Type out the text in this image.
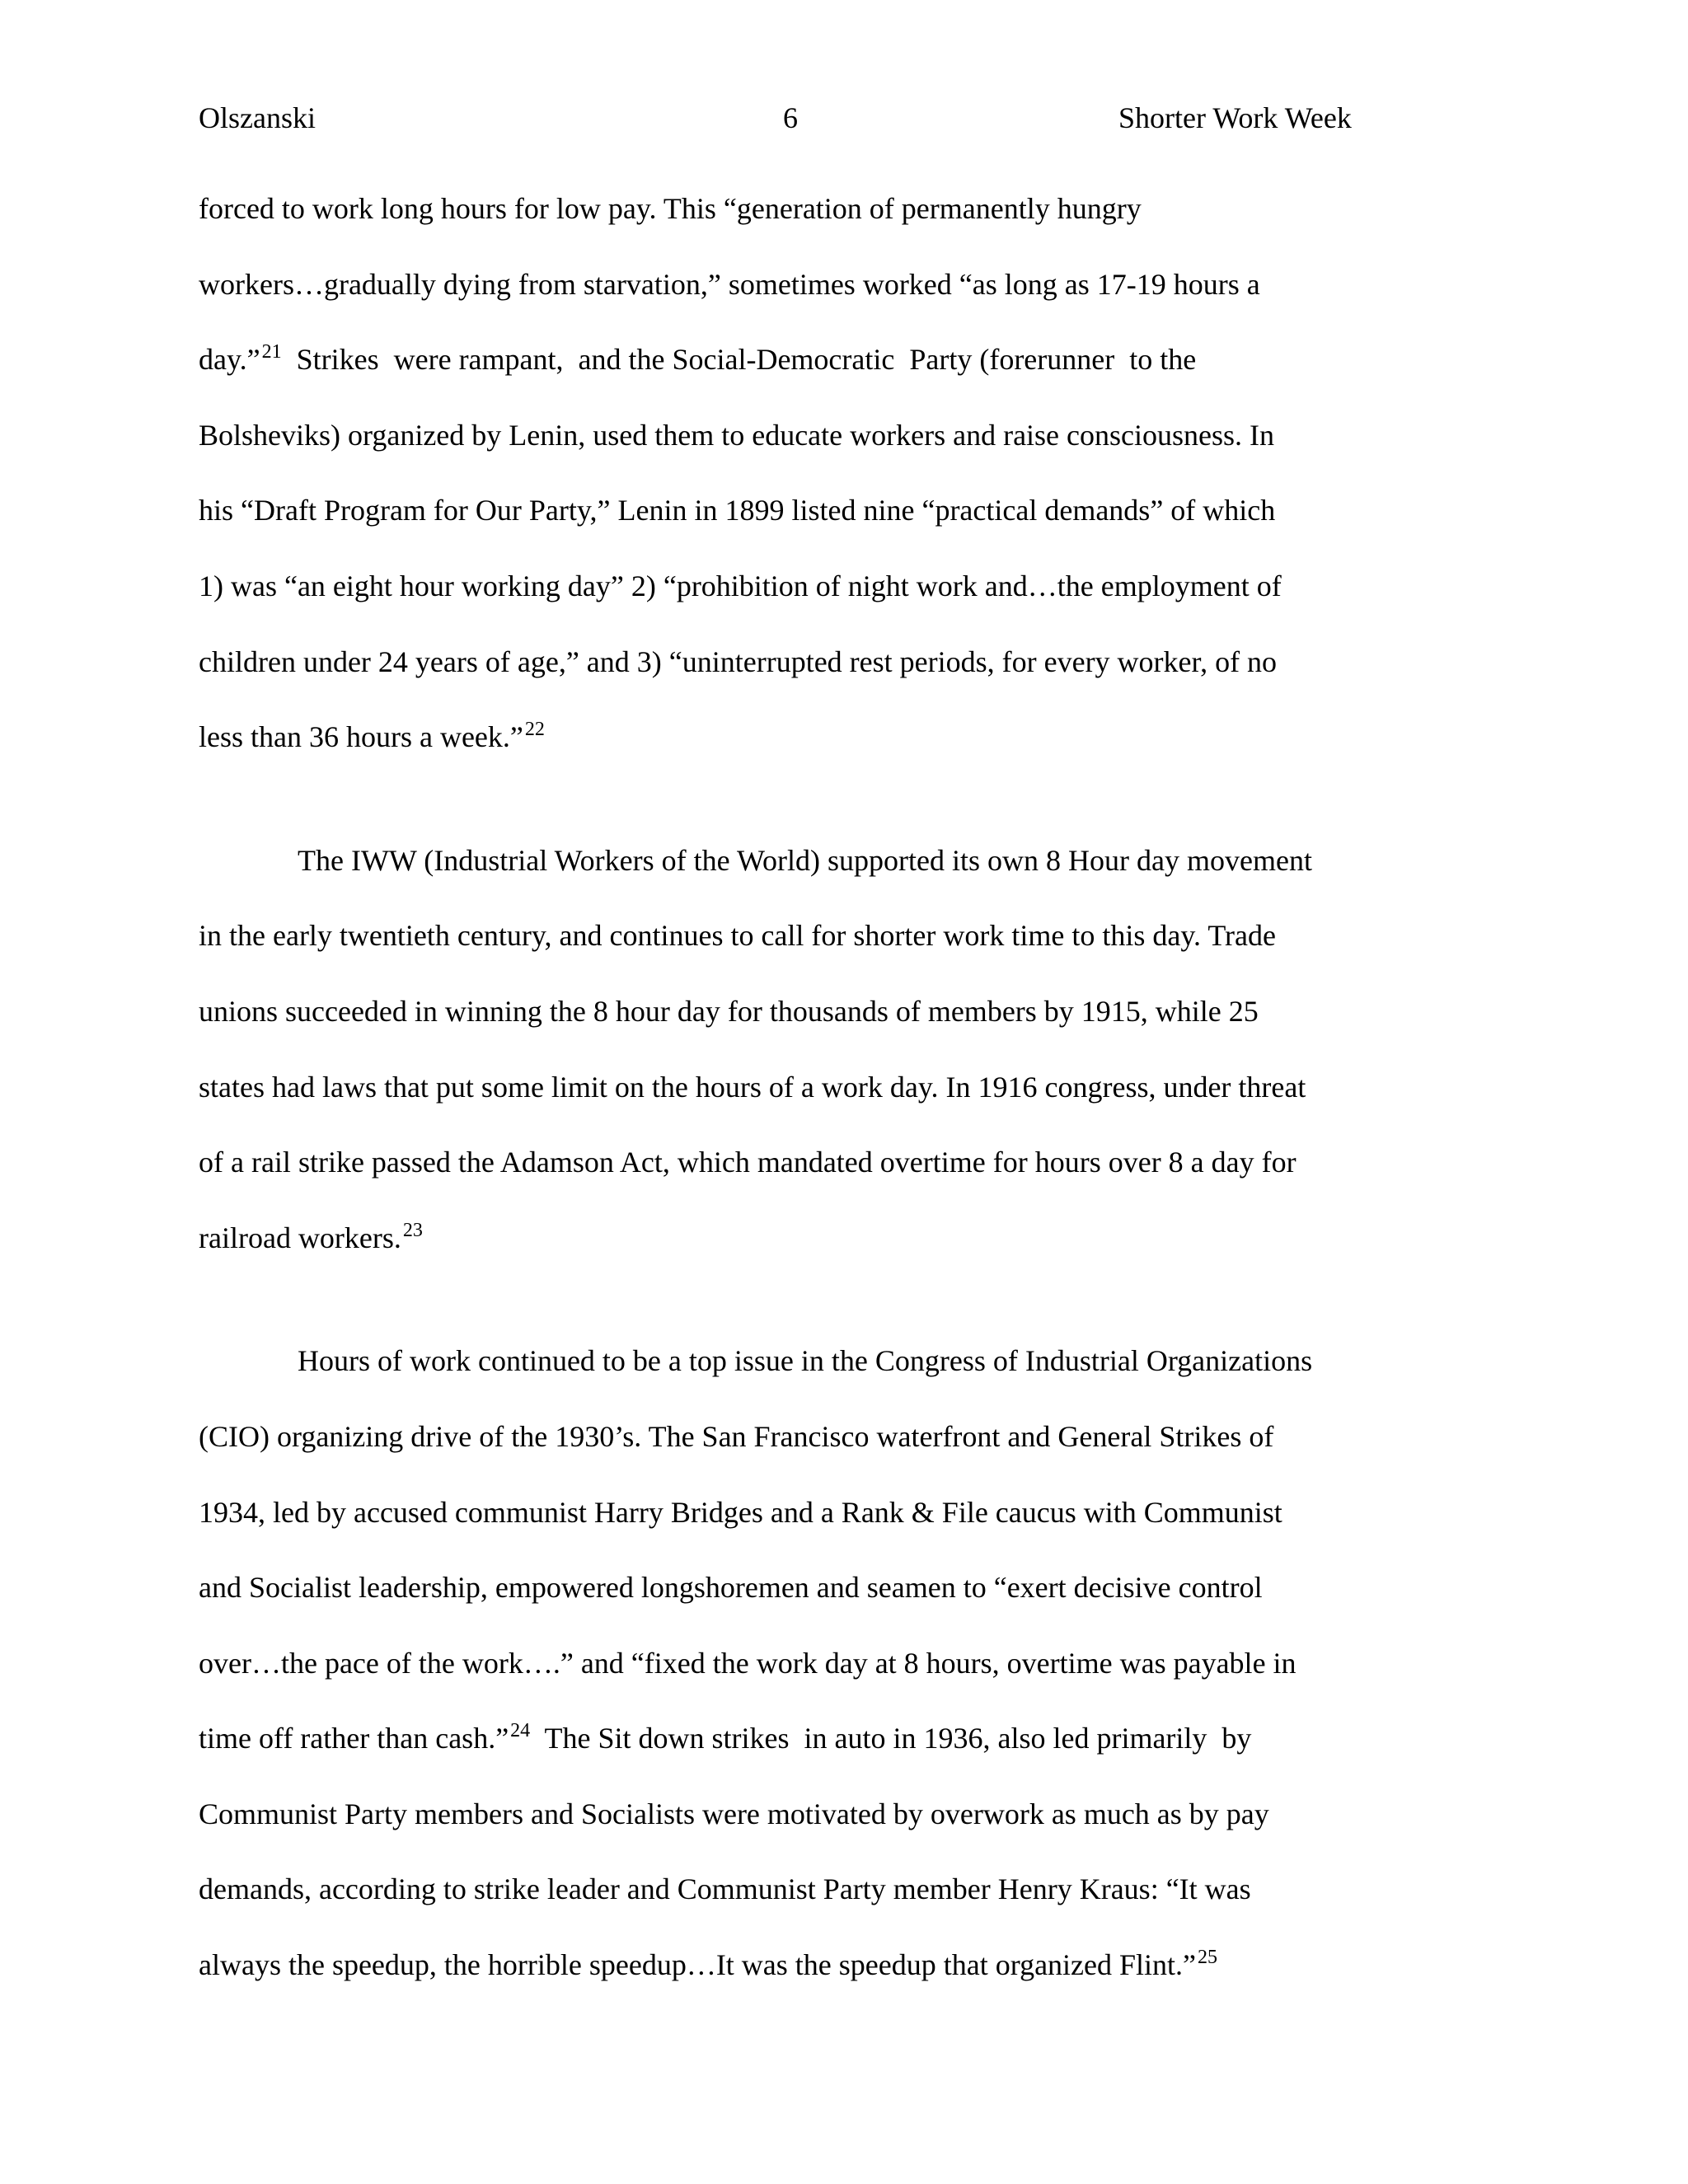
Olszanski	6	Shorter Work Week
forced to work long hours for low pay. This “generation of permanently hungry
workers…gradually dying from starvation,” sometimes worked “as long as 17-19 hours a
day.”$^{21}$  Strikes  were rampant,  and the Social-Democratic  Party (forerunner  to the
Bolsheviks) organized by Lenin, used them to educate workers and raise consciousness. In
his “Draft Program for Our Party,” Lenin in 1899 listed nine “practical demands” of which
1) was “an eight hour working day” 2) “prohibition of night work and…the employment of
children under 24 years of age,” and 3) “uninterrupted rest periods, for every worker, of no
less than 36 hours a week.”$^{22}$
The IWW (Industrial Workers of the World) supported its own 8 Hour day movement
in the early twentieth century, and continues to call for shorter work time to this day. Trade
unions succeeded in winning the 8 hour day for thousands of members by 1915, while 25
states had laws that put some limit on the hours of a work day. In 1916 congress, under threat
of a rail strike passed the Adamson Act, which mandated overtime for hours over 8 a day for
railroad workers.$^{23}$
Hours of work continued to be a top issue in the Congress of Industrial Organizations
(CIO) organizing drive of the 1930’s. The San Francisco waterfront and General Strikes of
1934, led by accused communist Harry Bridges and a Rank & File caucus with Communist
and Socialist leadership, empowered longshoremen and seamen to “exert decisive control
over…the pace of the work….” and “fixed the work day at 8 hours, overtime was payable in
time off rather than cash.”$^{24}$  The Sit down strikes  in auto in 1936, also led primarily  by
Communist Party members and Socialists were motivated by overwork as much as by pay
demands, according to strike leader and Communist Party member Henry Kraus: “It was
always the speedup, the horrible speedup…It was the speedup that organized Flint.”$^{25}$
